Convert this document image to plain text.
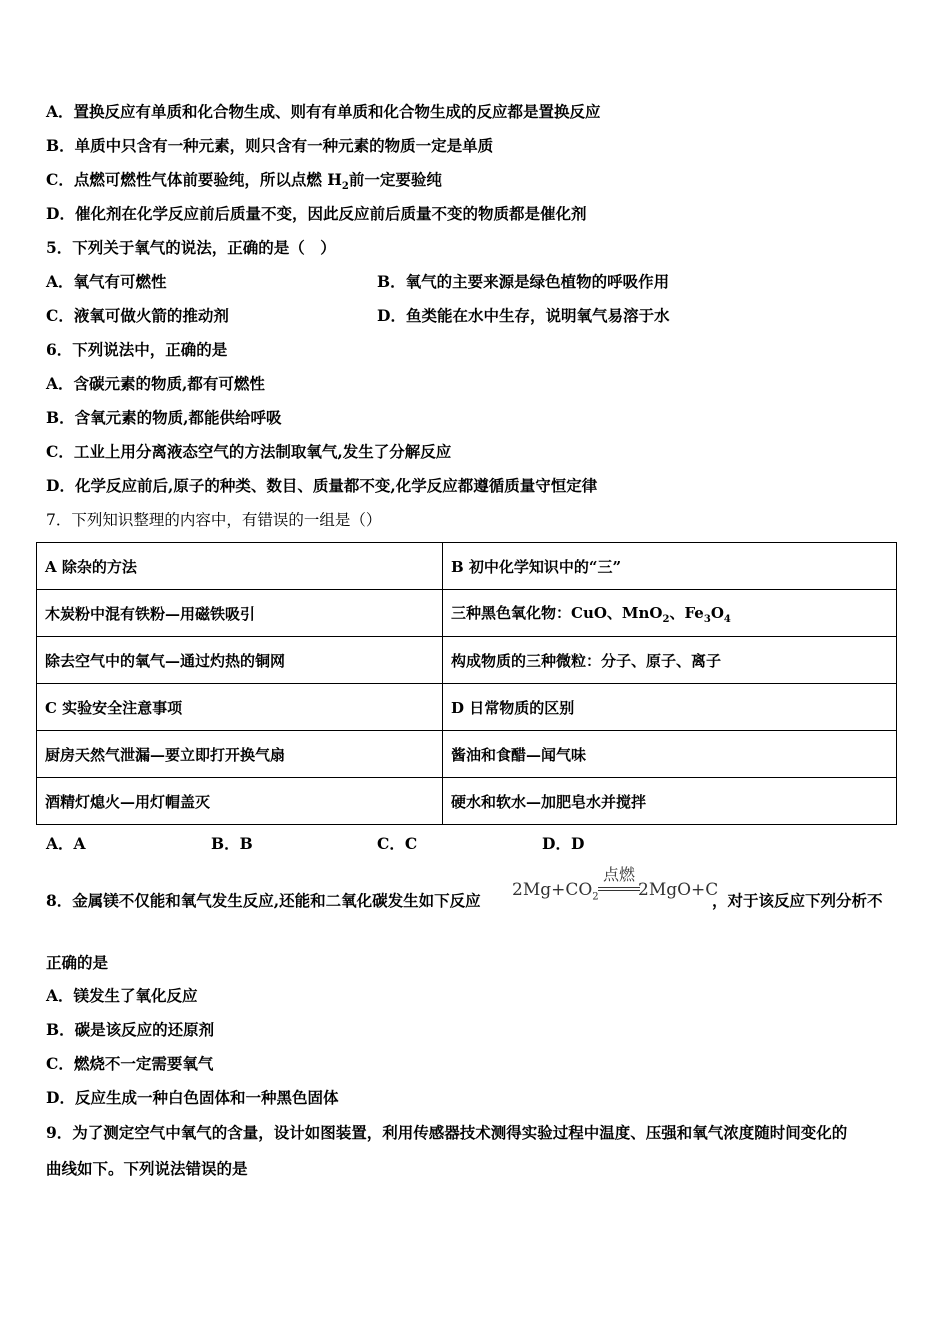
A．置换反应有单质和化合物生成、则有有单质和化合物生成的反应都是置换反应
B．单质中只含有一种元素，则只含有一种元素的物质一定是单质
C．点燃可燃性气体前要验纯，所以点燃 $H_2$前一定要验纯
D．催化剂在化学反应前后质量不变，因此反应前后质量不变的物质都是催化剂
5．下列关于氧气的说法，正确的是（　）
A．氧气有可燃性	B．氧气的主要来源是绿色植物的呼吸作用
C．液氧可做火箭的推动剂	D．鱼类能在水中生存，说明氧气易溶于水
6．下列说法中，正确的是
A．含碳元素的物质,都有可燃性
B．含氧元素的物质,都能供给呼吸
C．工业上用分离液态空气的方法制取氧气,发生了分解反应
D．化学反应前后,原子的种类、数目、质量都不变,化学反应都遵循质量守恒定律
7．下列知识整理的内容中，有错误的一组是（）
A 除杂的方法	B 初中化学知识中的“三”
木炭粉中混有铁粉—用磁铁吸引	三种黑色氧化物：CuO、MnO$_2$、$Fe_3O_4$
除去空气中的氧气—通过灼热的铜网	构成物质的三种微粒：分子、原子、离子
C 实验安全注意事项	D 日常物质的区别
厨房天然气泄漏—要立即打开换气扇	酱油和食醋—闻气味
酒精灯熄火—用灯帽盖灭	硬水和软水—加肥皂水并搅拌
A．A	B．B	C．C	D．D
8．金属镁不仅能和氧气发生反应,还能和二氧化碳发生如下反应
$2Mg+CO_2$
点燃
2MgO+C
，对于该反应下列分析不
正确的是
A．镁发生了氧化反应
B．碳是该反应的还原剂
C．燃烧不一定需要氧气
D．反应生成一种白色固体和一种黑色固体
9．为了测定空气中氧气的含量，设计如图装置，利用传感器技术测得实验过程中温度、压强和氧气浓度随时间变化的
曲线如下。下列说法错误的是
